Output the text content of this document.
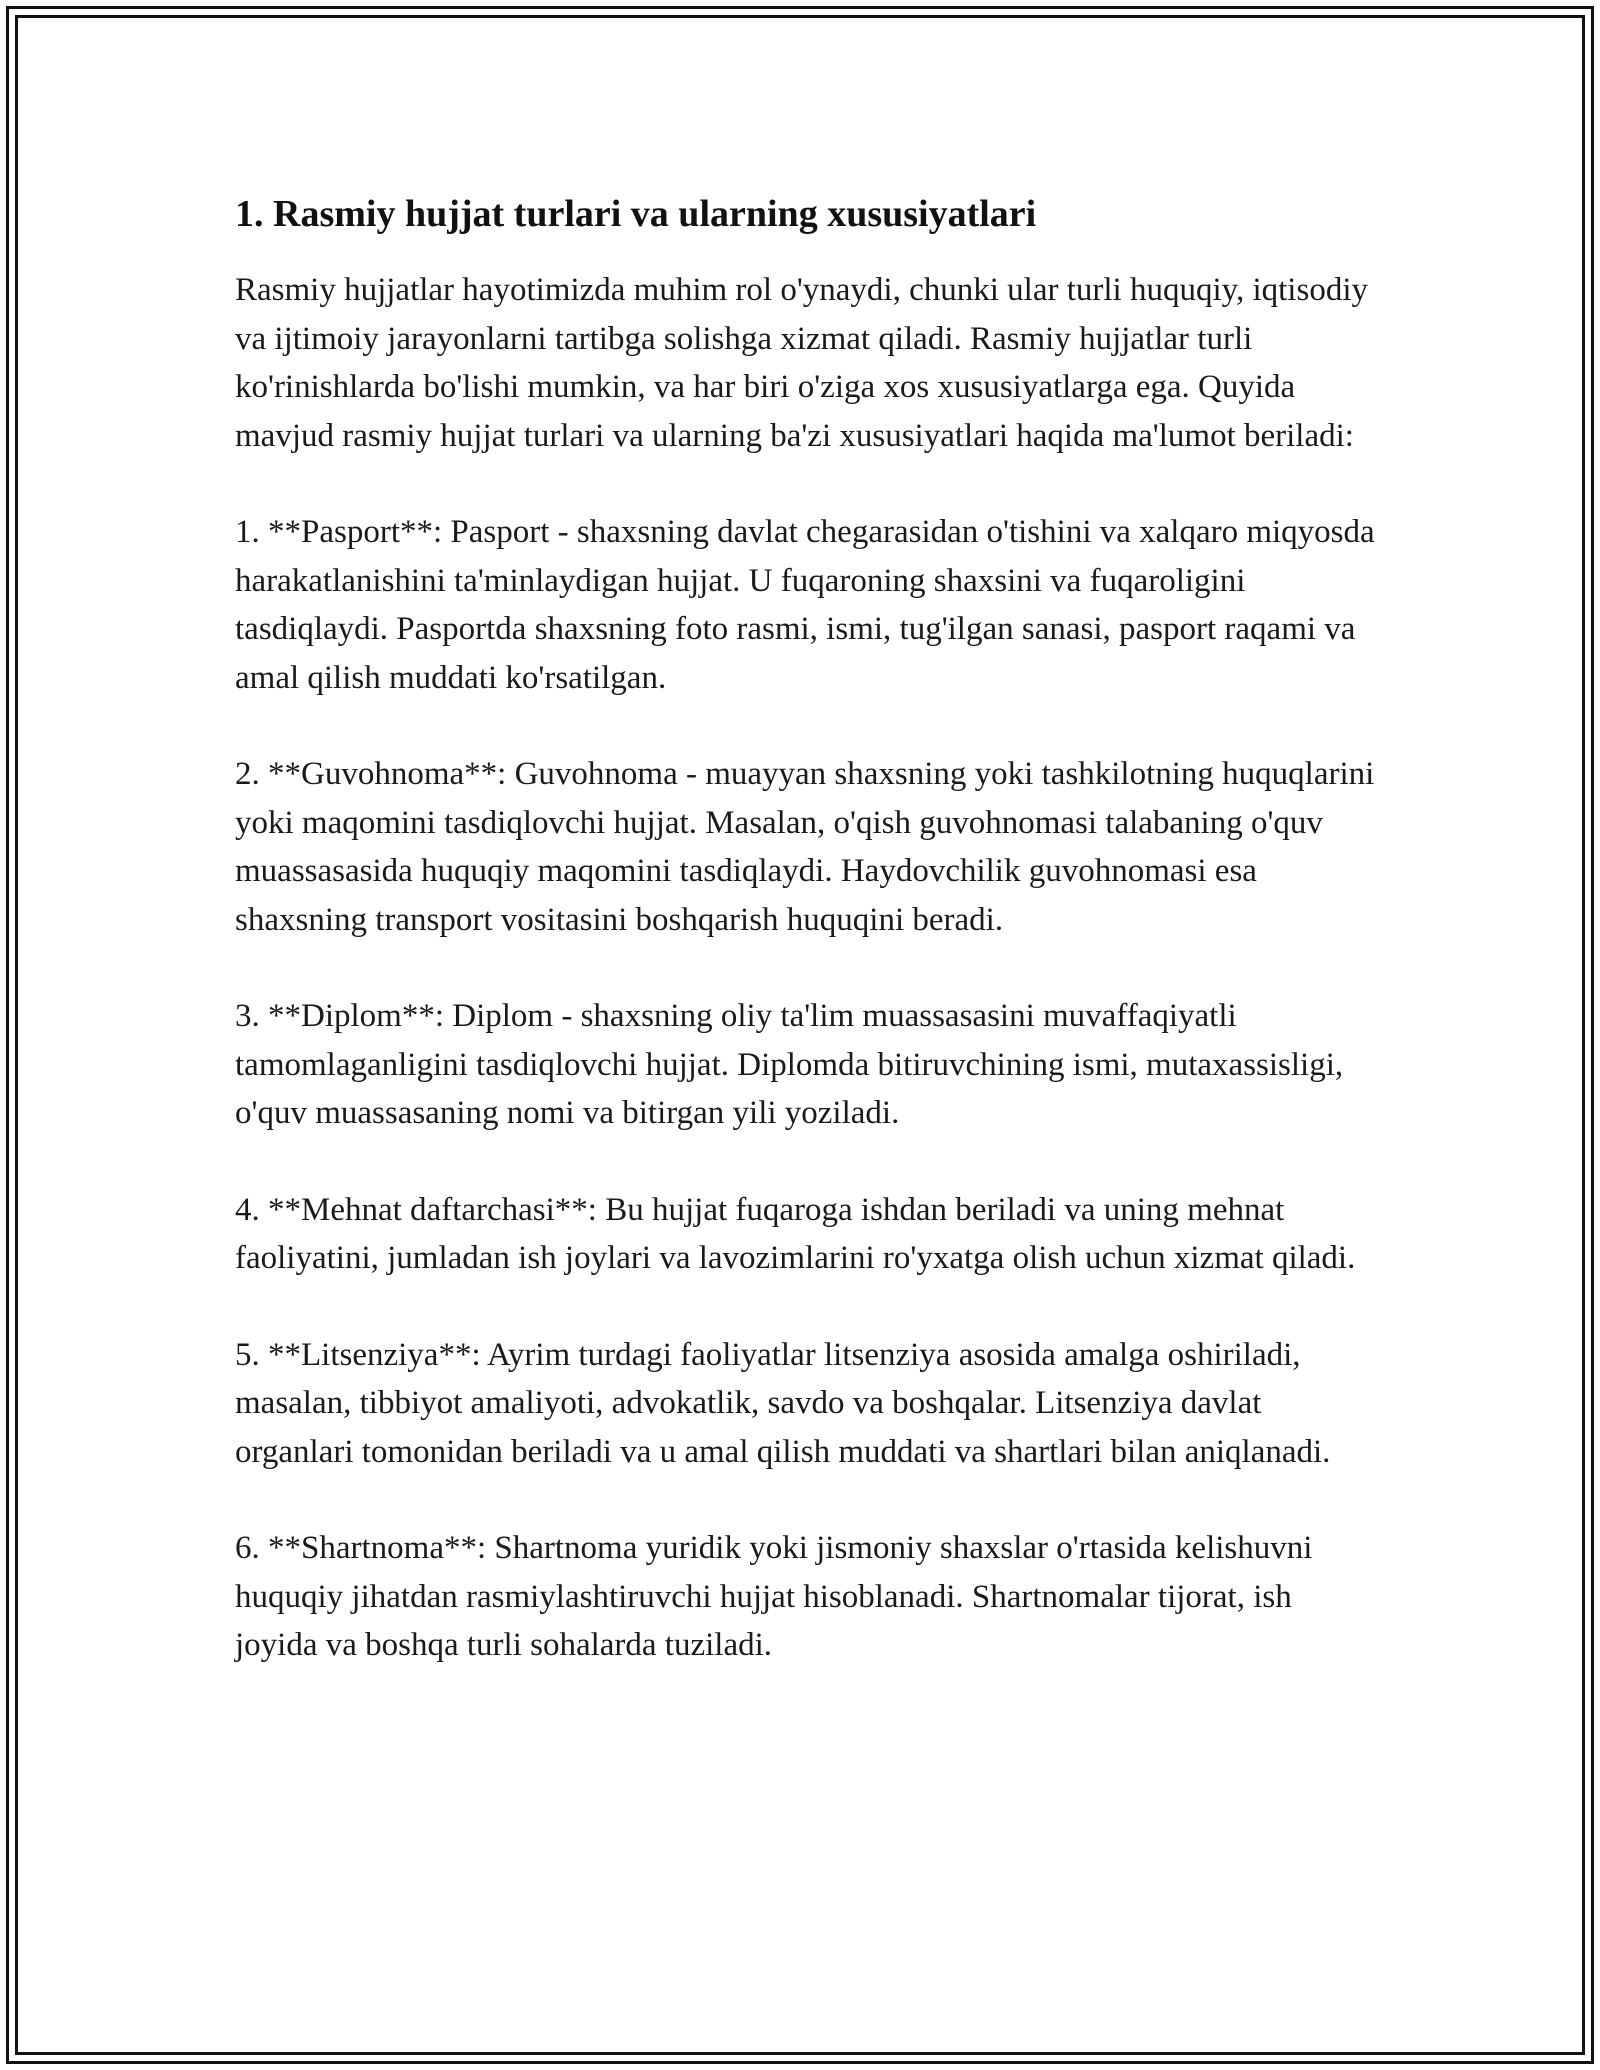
1. Rasmiy hujjat turlari va ularning xususiyatlari

Rasmiy hujjatlar hayotimizda muhim rol o'ynaydi, chunki ular turli huquqiy, iqtisodiy va ijtimoiy jarayonlarni tartibga solishga xizmat qiladi. Rasmiy hujjatlar turli ko'rinishlarda bo'lishi mumkin, va har biri o'ziga xos xususiyatlarga ega. Quyida mavjud rasmiy hujjat turlari va ularning ba'zi xususiyatlari haqida ma'lumot beriladi:

1. **Pasport**: Pasport - shaxsning davlat chegarasidan o'tishini va xalqaro miqyosda harakatlanishini ta'minlaydigan hujjat. U fuqaroning shaxsini va fuqaroligini tasdiqlaydi. Pasportda shaxsning foto rasmi, ismi, tug'ilgan sanasi, pasport raqami va amal qilish muddati ko'rsatilgan.

2. **Guvohnoma**: Guvohnoma - muayyan shaxsning yoki tashkilotning huquqlarini yoki maqomini tasdiqlovchi hujjat. Masalan, o'qish guvohnomasi talabaning o'quv muassasasida huquqiy maqomini tasdiqlaydi. Haydovchilik guvohnomasi esa shaxsning transport vositasini boshqarish huquqini beradi.

3. **Diplom**: Diplom - shaxsning oliy ta'lim muassasasini muvaffaqiyatli tamomlaganligini tasdiqlovchi hujjat. Diplomda bitiruvchining ismi, mutaxassisligi, o'quv muassasaning nomi va bitirgan yili yoziladi.

4. **Mehnat daftarchasi**: Bu hujjat fuqaroga ishdan beriladi va uning mehnat faoliyatini, jumladan ish joylari va lavozimlarini ro'yxatga olish uchun xizmat qiladi.

5. **Litsenziya**: Ayrim turdagi faoliyatlar litsenziya asosida amalga oshiriladi, masalan, tibbiyot amaliyoti, advokatlik, savdo va boshqalar. Litsenziya davlat organlari tomonidan beriladi va u amal qilish muddati va shartlari bilan aniqlanadi.

6. **Shartnoma**: Shartnoma yuridik yoki jismoniy shaxslar o'rtasida kelishuvni huquqiy jihatdan rasmiylashtiruvchi hujjat hisoblanadi. Shartnomalar tijorat, ish joyida va boshqa turli sohalarda tuziladi.
